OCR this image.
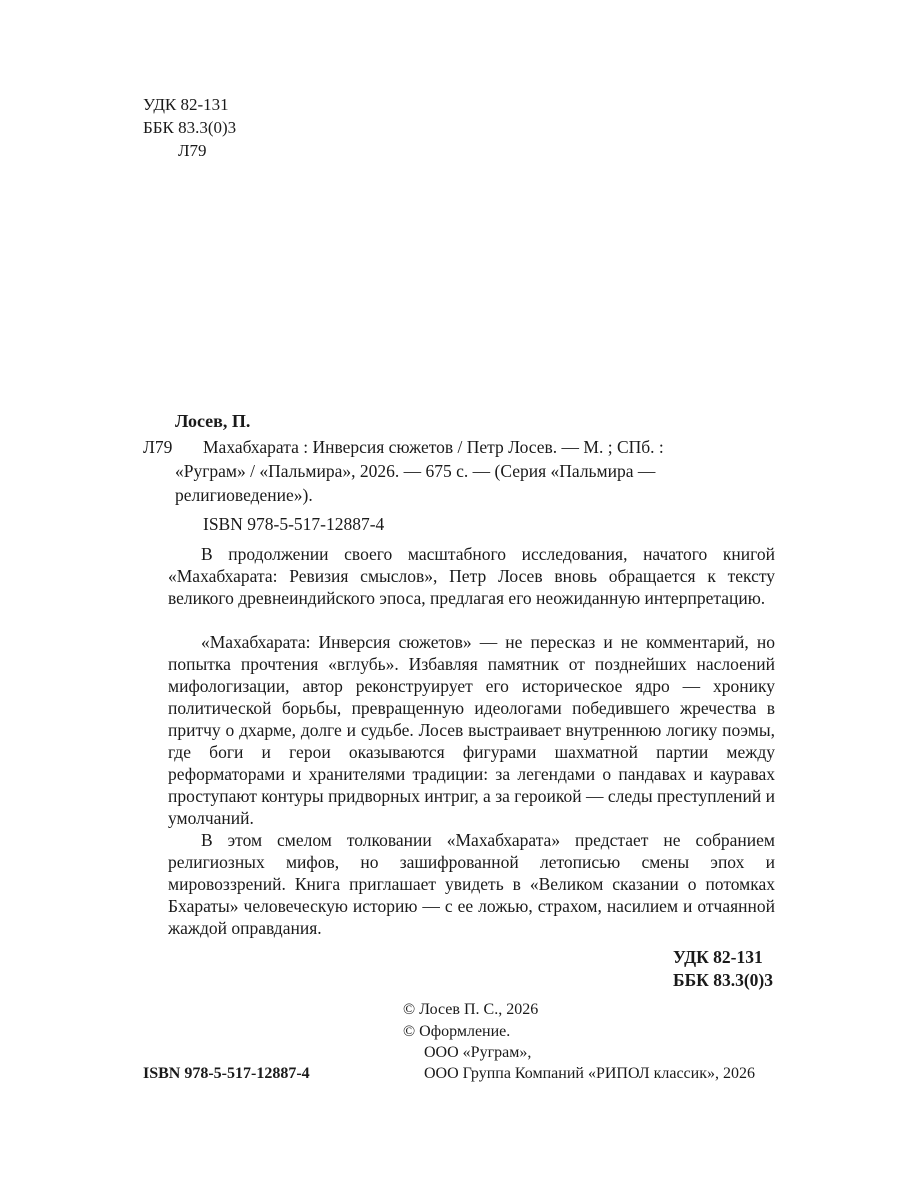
УДК 82-131
ББК 83.3(0)3
Л79
Лосев, П.
Л79 Махабхарата : Инверсия сюжетов / Петр Лосев. — М. ; СПб. :
«Руграм» / «Пальмира», 2026. — 675 с. — (Серия «Пальмира —
религиоведение»).
ISBN 978-5-517-12887-4
В продолжении своего масштабного исследования, начатого книгой «Махабхарата: Ревизия смыслов», Петр Лосев вновь обращается к тексту великого древнеиндийского эпоса, предлагая его неожиданную интерпретацию.
«Махабхарата: Инверсия сюжетов» — не пересказ и не комментарий, но попытка прочтения «вглубь». Избавляя памятник от позднейших наслоений мифологизации, автор реконструирует его историческое ядро — хронику политической борьбы, превращенную идеологами победившего жречества в притчу о дхарме, долге и судьбе. Лосев выстраивает внутреннюю логику поэмы, где боги и герои оказываются фигурами шахматной партии между реформаторами и хранителями традиции: за легендами о пандавах и кауравах проступают контуры придворных интриг, а за героикой — следы преступлений и умолчаний.
В этом смелом толковании «Махабхарата» предстает не собранием религиозных мифов, но зашифрованной летописью смены эпох и мировоззрений. Книга приглашает увидеть в «Великом сказании о потомках Бхараты» человеческую историю — с ее ложью, страхом, насилием и отчаянной жаждой оправдания.
УДК 82-131
ББК 83.3(0)3
© Лосев П. С., 2026
© Оформление.
ООО «Руграм»,
ООО Группа Компаний «РИПОЛ классик», 2026
ISBN 978-5-517-12887-4
